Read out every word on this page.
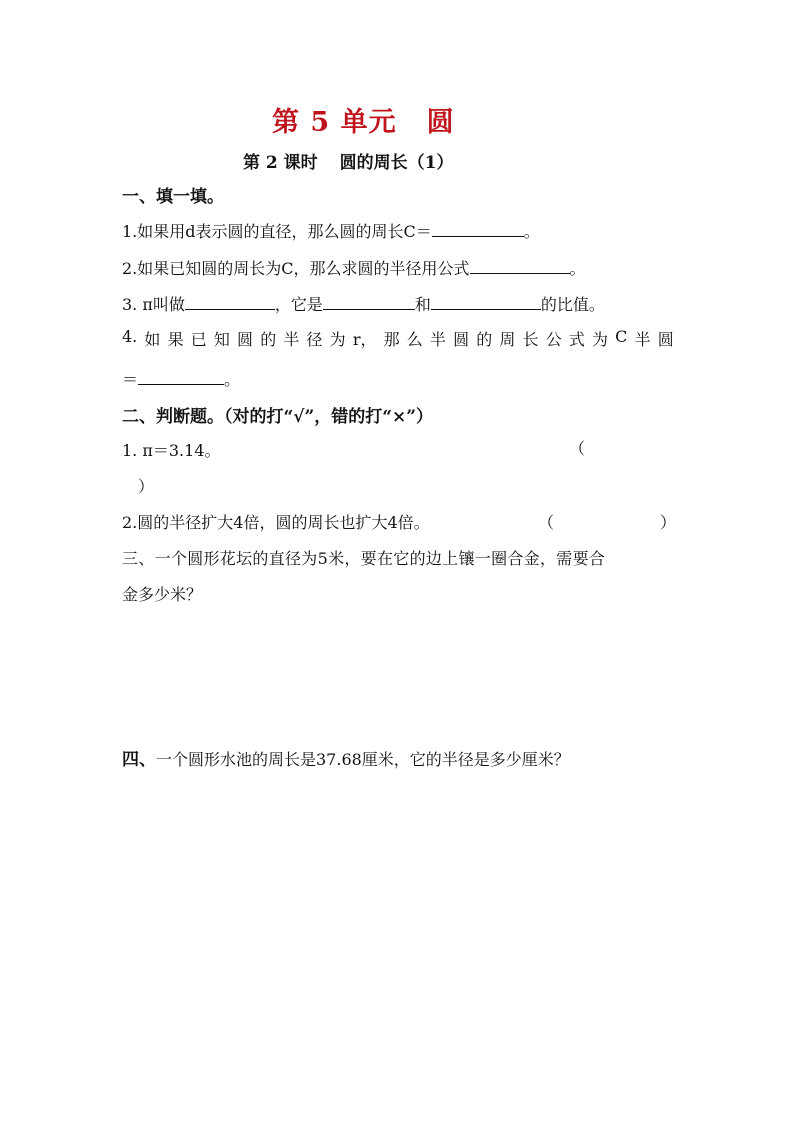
第 5 单元 圆
第 2 课时 圆的周长（1）
一、填一填。
1.如果用d表示圆的直径，那么圆的周长C＝	。
2.如果已知圆的周长为C，那么求圆的半径用公式	。
3. π叫做	，它是	和	的比值。
4. 如 果 已 知 圆 的 半 径 为 r， 那 么 半 圆 的 周 长 公 式 为 C 半 圆
＝	。
二、判断题。（对的打“√”，错的打“×”）
1. π＝3.14。	（
）
2.圆的半径扩大4倍，圆的周长也扩大4倍。	（	）
三、一个圆形花坛的直径为5米，要在它的边上镶一圈合金，需要合
金多少米？
四、一个圆形水池的周长是37.68厘米，它的半径是多少厘米？
